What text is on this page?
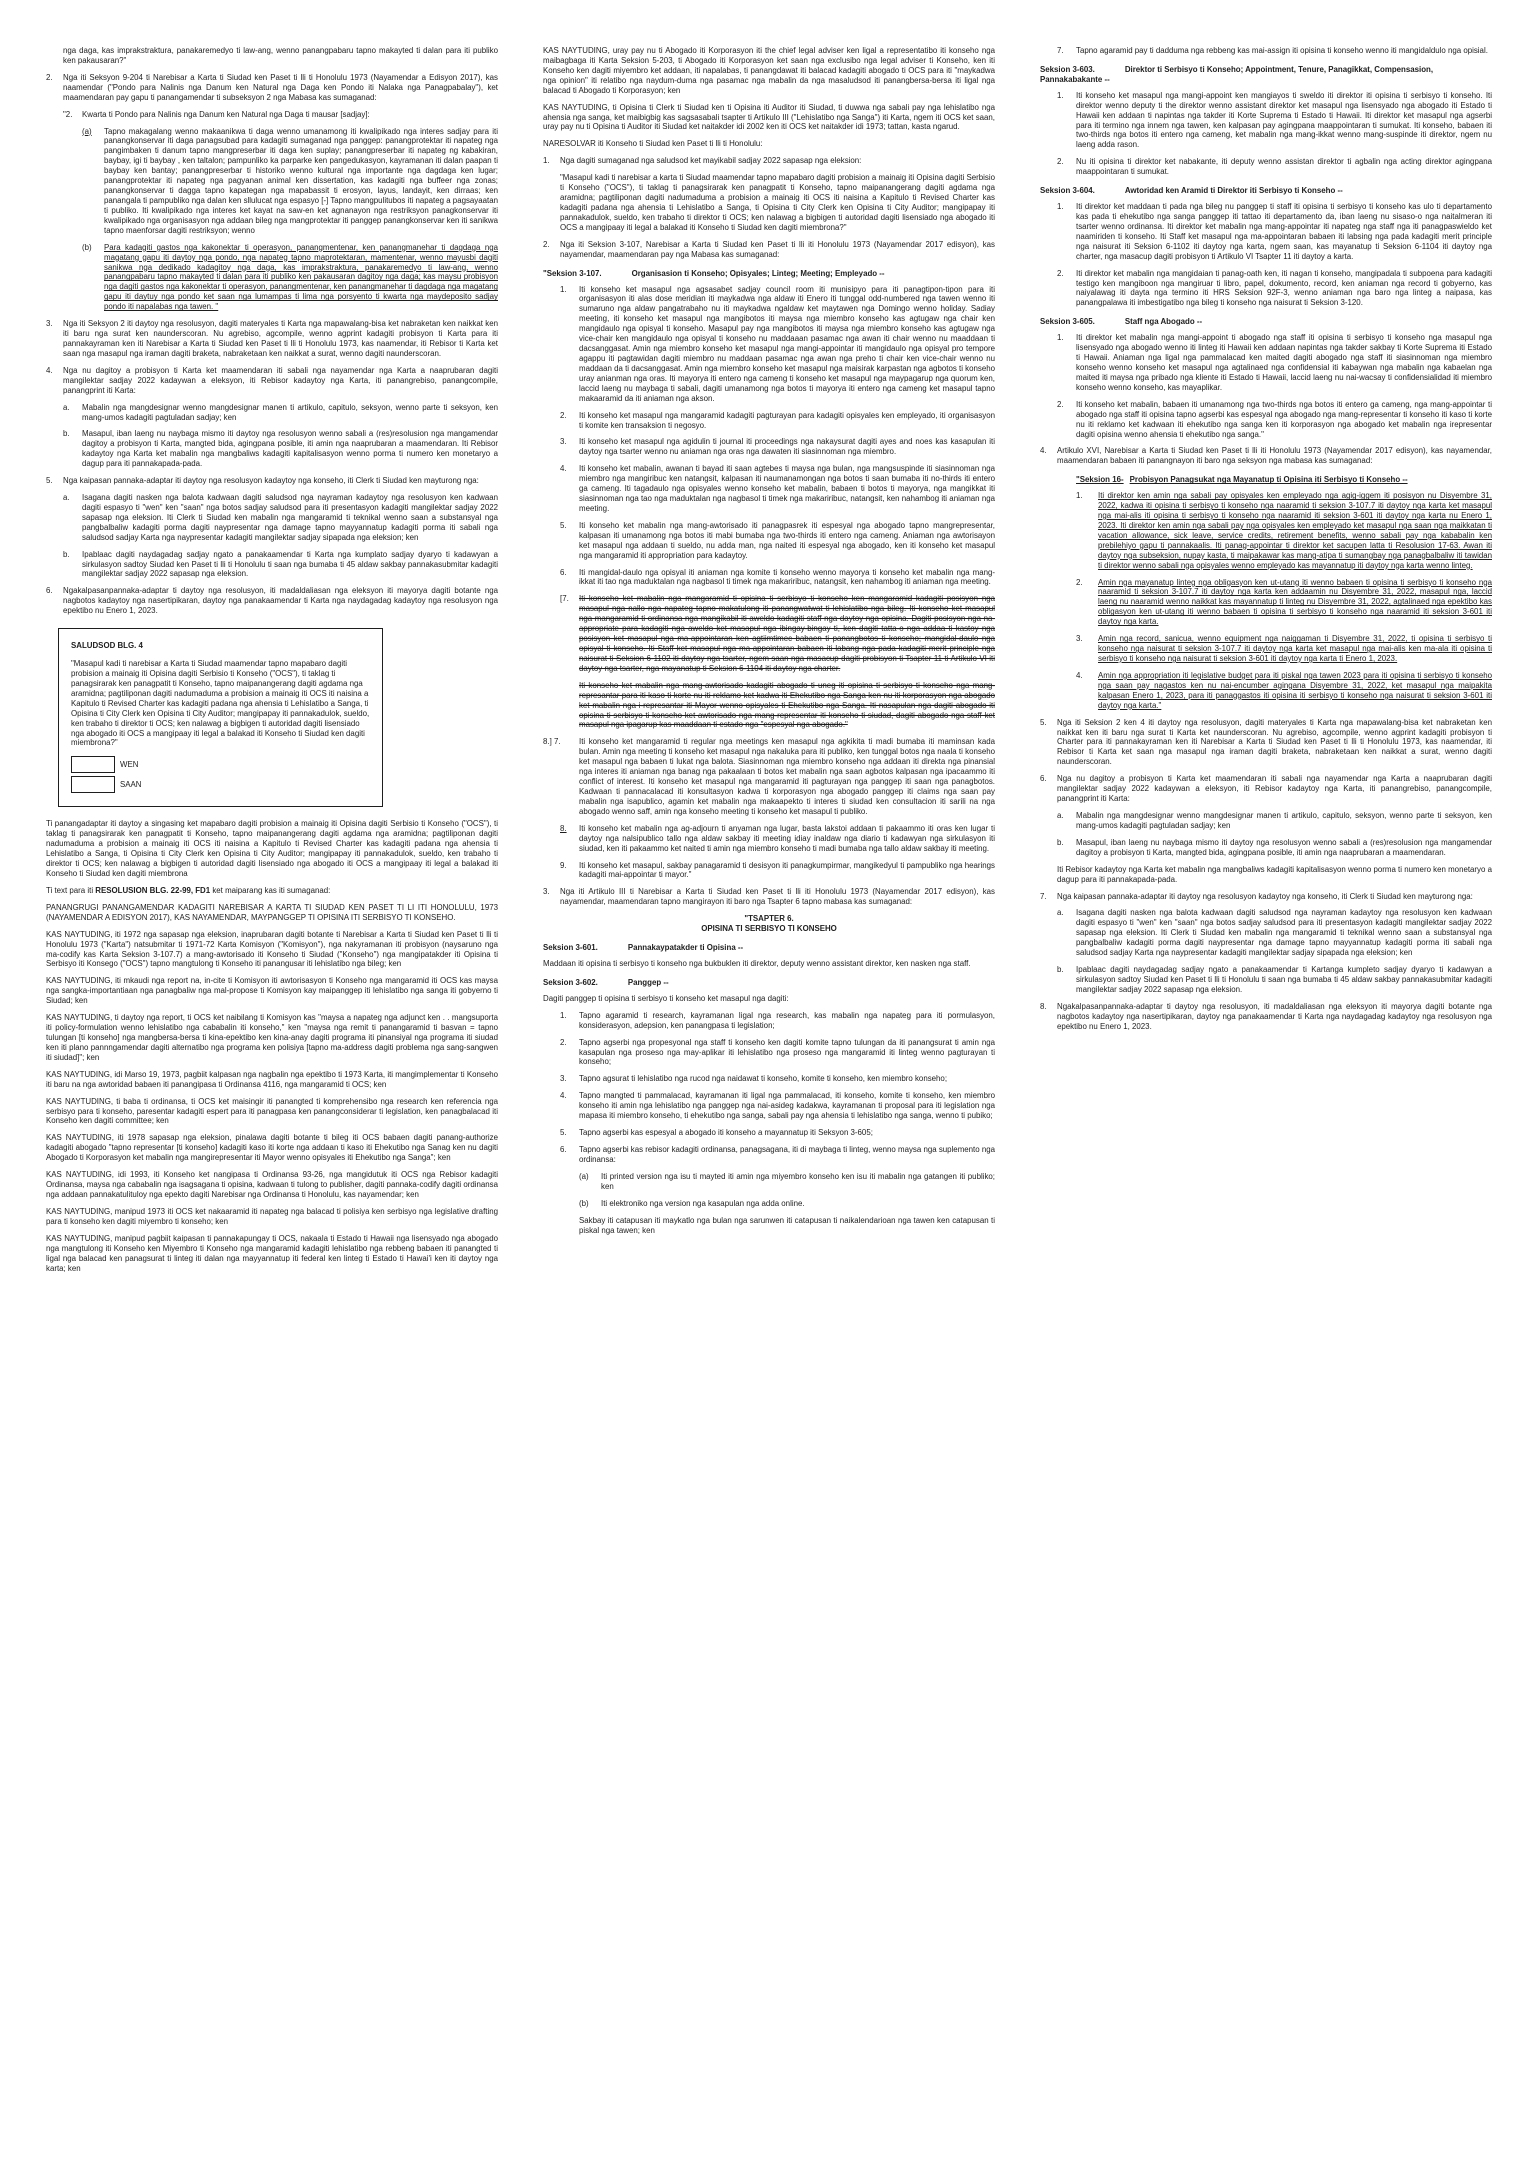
nga daga, kas imprakstraktura, panakaremedyo ti law-ang, wenno panangpabaru tapno makayted ti dalan para iti publiko ken pakausaran?"

2. Nga iti Seksyon 9-204 ti Narebisar a Karta ti Siudad ken Paset ti lli ti Honolulu 1973 (Nayamendar a Edisyon 2017), kas naamendar ("Pondo para Nalinis nga Danum ken Natural nga Daga ken Pondo iti Nalaka nga Panagpabalay"), ket maamendaran pay gapu ti panangamendar ti subseksyon 2 nga Mabasa kas sumaganad:

"2. Kwarta ti Pondo para Nalinis nga Danum ken Natural nga Daga ti mausar [sadjay]:

(a) Tapno makagalang wenno makaanikwa ti daga wenno umanamong iti kwalipikado nga interes sadjay para iti panangkonservar iti daga panagsubad para kadagiti sumaganad nga panggep: panangprotektar iti napateg nga pangimbaken ti danum tapno mangpreserbar iti daga ken suplay; panangpreserbar iti napateg ng kabakiran, baybay, igi ti baybay , ken taltalon; pampunliko ka parparke ken pangedukasyon, kayramanan iti dalan paapan ti baybay ken bantay; panangpreserbar ti historiko wenno kultural nga importante nga dagdaga ken lugar; panangprotektar iti napateg nga pagyanan animal ken dissertation, kas kadagiti nga buffeer nga zonas; panangkonservar ti dagga tapno kapategan nga mapabassit ti erosyon, layus, landayit, ken dirraas; ken panangala ti pampubliko nga dalan ken sllulucat nga espasyo [-] Tapno mangpulitubos iti napateg a pagsayaatan ti publiko. Iti kwalipikado nga interes ket kayat na saw-en ket agnanayon nga restriksyon panagkonservar iti kwalipikado nga organisasyon nga addaan bileg nga mangprotektar iti panggep panangkonservar ken iti sanikwa tapno maenforsar dagiti restriksyon; wenno

(b) Para kadagiti gastos nga kakonektar ti operasyon, panangmentenar, ken panangmanehar ti dagdaga nga magatang gapu iti daytoy nga pondo, nga napateg tapno maprotektaran, mamentenar, wenno mayusbi dagiti sanikwa nga dedikado kadagitoy nga daga, kas imprakstraktura, panakaremedyo ti law-ang, wenno panangpabaru tapno makayted ti dalan para iti publiko ken pakausaran dagitoy nga daga; kas maysu probisyon nga dagiti gastos nga kakonektar ti operasyon, panangmentenar, ken panangmanehar ti dagdaga nga magatang gapu iti daytuy nga pondo ket saan nga lumampas ti lima nga porsyento ti kwarta nga maydeposito sadjay pondo iti napalabas nga tawen. "

3. Nga iti Seksyon 2 iti daytoy nga resolusyon, dagiti materyales ti Karta nga mapawalang-bisa ket nabraketan ken naikkat ken iti baru nga surat ken naunderscoran. Nu agrebiso, agcompile, wenno agprint kadagiti probisyon ti Karta para iti pannakayraman ken iti Narebisar a Karta ti Siudad ken Paset ti lli ti Honolulu 1973, kas naamendar, iti Rebisor ti Karta ket saan nga masapul nga iraman dagiti braketa, nabraketaan ken naikkat a surat, wenno dagiti naunderscoran.

4. Nga nu dagitoy a probisyon ti Karta ket maamendaran iti sabali nga nayamendar nga Karta a naaprubaran dagiti mangilektar sadjay 2022 kadaywan a eleksyon, iti Rebisor kadaytoy nga Karta, iti panangrebiso, panangcompile, panangprint iti Karta:

a. Mabalin nga mangdesignar wenno mangdesignar manen ti artikulo, capitulo, seksyon, wenno parte ti seksyon, ken mang-umos kadagiti pagtuladan sadjay; ken

b. Masapul, iban laeng nu naybaga mismo iti daytoy nga resolusyon wenno sabali a (res)resolusion nga mangamendar dagitoy a probisyon ti Karta, mangted bida, agingpana posible, iti amin nga naaprubaran a maamendaran. Iti Rebisor kadaytoy nga Karta ket mabalin nga mangbaliws kadagiti kapitalisasyon wenno porma ti numero ken monetaryo a dagup para iti pannakapada-pada.

5. Nga kaipasan pannaka-adaptar iti daytoy nga resolusyon kadaytoy nga konseho, iti Clerk ti Siudad ken mayturong nga:

a. Isagana dagiti nasken nga balota kadwaan dagiti saludsod nga nayraman kadaytoy nga resolusyon ken kadwaan dagiti espasyo ti "wen" ken "saan" nga botos sadjay saludsod para iti presentasyon kadagiti mangilektar sadjay 2022 sapasap nga eleksion. Iti Clerk ti Siudad ken mabalin nga mangaramid ti teknikal wenno saan a substansyal nga pangbalbaliw kadagiti porma dagiti naypresentar nga damage tapno mayyannatup kadagiti porma iti sabali nga saludsod sadjay Karta nga naypresentar kadagiti mangilektar sadjay sipapada nga eleksion; ken

b. Ipablaac dagiti naydagadag sadjay ngato a panakaamendar ti Karta nga kumplato sadjay dyaryo ti kadawyan a sirkulasyon sadtoy Siudad ken Paset ti lli ti Honolulu ti saan nga bumaba ti 45 aldaw sakbay pannakasubmitar kadagiti mangilektar sadjay 2022 sapasap nga eleksion.

6. Ngakalpasanpannaka-adaptar ti daytoy nga resolusyon, iti madaldaliasan nga eleksyon iti mayorya dagiti botante nga nagbotos kadaytoy nga nasertipikaran, daytoy nga panakaamendar ti Karta nga naydagadag kadaytoy nga resolusyon nga epektibo nu Enero 1, 2023.

SALUDSOD BLG. 4

"Masapul kadi ti narebisar a Karta ti Siudad maamendar tapno mapabaro dagiti probision a mainaig iti Opisina dagiti Serbisio ti Konseho ("OCS"), ti taklag ti panagsirarak ken panagpatit ti Konseho, tapno maipanangerang dagiti agdama nga aramidna; pagtiliponan dagiti nadumaduma a probision a mainaig iti OCS iti naisina a Kapitulo ti Revised Charter kas kadagiti padana nga ahensia ti Lehislatibo a Sanga, ti Opisina ti City Clerk ken Opisina ti City Auditor; mangipapay iti pannakadulok, sueldo, ken trabaho ti direktor ti OCS; ken nalawag a bigbigen ti autoridad dagiti lisensiado nga abogado iti OCS a mangipaay iti legal a balakad iti Konseho ti Siudad ken dagiti miembrona?"

WEN
SAAN

Ti panangadaptar iti daytoy a singasing ket mapabaro dagiti probision a mainaig iti Opisina dagiti Serbisio ti Konseho ("OCS"), ti taklag ti panagsirarak ken panagpatit ti Konseho, tapno maipanangerang dagiti agdama nga aramidna; pagtiliponan dagiti nadumaduma a probision a mainaig iti OCS iti naisina a Kapitulo ti Revised Charter kas kadagiti padana nga ahensia ti Lehislatibo a Sanga, ti Opisina ti City Clerk ken Opisina ti City Auditor; mangipapay iti pannakadulok, sueldo, ken trabaho ti direktor ti OCS; ken nalawag a bigbigen ti autoridad dagiti lisensiado nga abogado iti OCS a mangipaay iti legal a balakad iti Konseho ti Siudad ken dagiti miembrona

Ti text para iti RESOLUSION BLG. 22-99, FD1 ket maiparang kas iti sumaganad:

PANANGRUGI PANANGAMENDAR KADAGITI NAREBISAR A KARTA TI SIUDAD KEN PASET TI LI ITI HONOLULU, 1973 (NAYAMENDAR A EDISYON 2017), KAS NAYAMENDAR, MAYPANGGEP TI OPISINA ITI SERBISYO TI KONSEHO.

KAS NAYTUDING, iti 1972 nga sapasap nga eleksion, inaprubaran dagiti botante ti Narebisar a Karta ti Siudad ken Paset ti lli ti Honolulu 1973 ("Karta") natsubmitar ti 1971-72 Karta Komisyon ("Komisyon"), nga nakyramanan iti probisyon (naysaruno nga ma-codify kas Karta Seksion 3-107.7) a mang-awtorisado iti Konseho ti Siudad ("Konseho") nga mangipatakder iti Opisina ti Serbisyo iti Konsego ("OCS") tapno mangtulong ti Konseho iti panangusar iti lehislatibo nga bileg; ken

KAS NAYTUDING, iti mkaudi nga report na, in-cite ti Komisyon iti awtorisasyon ti Konseho nga mangaramid iti OCS kas maysa nga sangka-importantiaan nga panagbaliw nga mal-propose ti Komisyon kay maipanggep iti lehislatibo nga sanga iti gobyerno ti Siudad; ken

KAS NAYTUDING, ti daytoy nga report, ti OCS ket naibilang ti Komisyon kas "maysa a napateg nga adjunct ken . . mangsuporta iti policy-formulation wenno lehislatibo nga cababalin iti konseho," ken "maysa nga remit ti panangaramid ti basvan = tapno tulungan [ti konseho] nga mangbersa-bersa ti kina-epektibo ken kina-anay dagiti programa iti pinansiyal nga programa iti siudad ken iti plano pannngamendar dagiti alternatibo nga programa ken polisiya [tapno ma-address dagiti problema nga sang-sangwen iti siudad]"; ken

KAS NAYTUDING, idi Marso 19, 1973, pagbiit kalpasan nga nagbalin nga epektibo ti 1973 Karta, iti mangimplementar ti Konseho iti baru na nga awtoridad babaen iti panangipasa ti Ordinansa 4116, nga mangaramid ti OCS; ken

KAS NAYTUDING, ti baba ti ordinansa, ti OCS ket maisingir iti panangted ti komprehensibo nga research ken referencia nga serbisyo para ti konseho, paresentar kadagiti espert para iti panagpasa ken panangconsiderar ti legislation, ken panagbalacad iti Konseho ken dagiti committee; ken

KAS NAYTUDING, iti 1978 sapasap nga eleksion, pinalawa dagiti botante ti bileg iti OCS babaen dagiti panang-authorize kadagiti abogado "tapno representar [ti konseho] kadagiti kaso iti korte nga addaan ti kaso iti Ehekutibo nga Sanag ken nu dagiti Abogado ti Korporasyon ket mabalin nga mangirepresentar iti Mayor wenno opisyales iti Ehekutibo nga Sanga"; ken

KAS NAYTUDING, idi 1993, iti Konseho ket nangipasa ti Ordinansa 93-26, nga mangidutuk iti OCS nga Rebisor kadagiti Ordinansa, maysa nga cababalin nga isagsagana ti opisina, kadwaan ti tulong to publisher, dagiti pannaka-codify dagiti ordinansa nga addaan pannakatulituloy nga epekto dagiti Narebisar nga Ordinansa ti Honolulu, kas nayamendar; ken

KAS NAYTUDING, manipud 1973 iti OCS ket nakaaramid iti napateg nga balacad ti polisiya ken serbisyo nga legislative drafting para ti konseho ken dagiti miyembro ti konseho; ken

KAS NAYTUDING, manipud pagbiit kaipasan ti pannakapungay ti OCS, nakaala ti Estado ti Hawaii nga lisensyado nga abogado nga mangtulong iti Konseho ken Miyembro ti Konseho nga mangaramid kadagiti lehislatibo nga rebbeng babaen iti panangted ti ligal nga balacad ken panagsurat ti linteg iti dalan nga mayyannatup iti federal ken linteg ti Estado ti Hawai'i ken iti daytoy nga karta; ken

KAS NAYTUDING, uray pay nu ti Abogado iti Korporasyon iti the chief legal adviser ken ligal a representatibo iti konseho nga maibagbaga iti Karta Seksion 5-203, ti Abogado iti Korporasyon ket saan nga exclusibo nga legal adviser ti Konseho, ken iti Konseho ken dagiti miyembro ket addaan, iti napalabas, ti panangdawat iti balacad kadagiti abogado ti OCS para iti "maykadwa nga opinion" iti relatibo nga naydum-duma nga pasamac nga mabalin da nga masaludsod iti panangbersa-bersa iti ligal nga balacad ti Abogado ti Korporasyon; ken

KAS NAYTUDING, ti Opisina ti Clerk ti Siudad ken ti Opisina iti Auditor iti Siudad, ti duwwa nga sabali pay nga lehislatibo nga ahensia nga sanga, ket maibigbig kas sagsasabali tsapter ti Artikulo III ("Lehislatibo nga Sanga") iti Karta, ngem iti OCS ket saan, uray pay nu ti Opisina ti Auditor iti Siudad ket naitakder idi 2002 ken iti OCS ket naitakder idi 1973; tattan, kasta ngarud.

NARESOLVAR iti Konseho ti Siudad ken Paset ti lli ti Honolulu:

1. Nga dagiti sumaganad nga saludsod ket mayikabil sadjay 2022 sapasap nga eleksion:

"Masapul kadi ti narebisar a karta ti Siudad maamendar tapno mapabaro dagiti probision a mainaig iti Opisina dagiti Serbisio ti Konseho ("OCS"), ti taklag ti panagsirarak ken panagpatit ti Konseho, tapno maipanangerang dagiti agdama nga aramidna; pagtiliponan dagiti nadumaduma a probision a mainaig iti OCS iti naisina a Kapitulo ti Revised Charter kas kadagiti padana nga ahensia ti Lehislatibo a Sanga, ti Opisina ti City Clerk ken Opisina ti City Auditor; mangipapay iti pannakadulok, sueldo, ken trabaho ti direktor ti OCS; ken nalawag a bigbigen ti autoridad dagiti lisensiado nga abogado iti OCS a mangipaay iti legal a balakad iti Konseho ti Siudad ken dagiti miembrona?"

2. Nga iti Seksion 3-107, Narebisar a Karta ti Siudad ken Paset ti lli iti Honolulu 1973 (Nayamendar 2017 edisyon), kas nayamendar, maamendaran pay nga Mabasa kas sumaganad:

"Seksion 3-107.	Organisasion ti Konseho; Opisyales; Linteg; Meeting; Empleyado --

1. Iti konseho ket masapul nga agsasabet sadjay council room iti munisipyo para iti panagtipon-tipon para iti organisasyon iti alas dose meridian iti maykadwa nga aldaw iti Enero iti tunggal odd-numbered nga tawen wenno iti sumaruno nga aldaw pangatrabaho nu iti maykadwa ngaldaw ket maytawen nga Domingo wenno holiday. Sadiay meeting, iti konseho ket masapul nga mangibotos iti maysa nga miembro konseho kas agtugaw nga chair ken mangidaulo nga opisyal ti konseho. Masapul pay nga mangibotos iti maysa nga miembro konseho kas agtugaw nga vice-chair ken mangidaulo nga opisyal ti konseho nu maddaaan pasamac nga awan iti chair wenno nu maaddaan ti dacsanggasat. Amin nga miembro konseho ket masapul nga mangi-appointar iti mangidaulo nga opisyal pro tempore agappu iti pagtawidan dagiti miembro nu maddaan pasamac nga awan nga preho ti chair ken vice-chair wenno nu maddaan da ti dacsanggasat. Amin nga miembro konseho ket masapul nga maisirak karpastan nga agbotos ti konseho uray anianman nga oras. Iti mayorya iti entero nga cameng ti konseho ket masapul nga maypagarup nga quorum ken, laccid laeng nu maybaga ti sabali, dagiti umanamong nga botos ti mayorya iti entero nga cameng ket masapul tapno makaaramid da iti aniaman nga akson.

2. Iti konseho ket masapul nga mangaramid kadagiti pagturayan para kadagiti opisyales ken empleyado, iti organisasyon ti komite ken transaksion ti negosyo.

3. Iti konseho ket masapul nga agidulin ti journal iti proceedings nga nakaysurat dagiti ayes and noes kas kasapulan iti daytoy nga tsarter wenno nu aniaman nga oras nga dawaten iti siasinnoman nga miembro.

4. Iti konseho ket mabalin, awanan ti bayad iti saan agtebes ti maysa nga bulan, nga mangsuspinde iti siasinnoman nga miembro nga mangiribuc ken natangsit, kalpasan iti naumanamongan nga botos ti saan bumaba iti no-thirds iti entero ga cameng. Iti tagadaulo nga opisyales wenno konseho ket mabalin, babaen ti botos ti mayorya, nga mangikkat iti siasinnoman nga tao nga maduktalan nga nagbasol ti timek nga makariribuc, natangsit, ken nahambog iti aniaman nga meeting.

5. Iti konseho ket mabalin nga mang-awtorisado iti panagpasrek iti espesyal nga abogado tapno mangrepresentar, kalpasan iti umanamong nga botos iti mabi bumaba nga two-thirds iti entero nga cameng. Aniaman nga awtorisayon ket masapul nga addaan ti sueldo, nu adda man, nga naited iti espesyal nga abogado, ken iti konseho ket masapul nga mangaramid iti appropriation para kadaytoy.

6. Iti mangidal-daulo nga opisyal iti aniaman nga komite ti konseho wenno mayorya ti konseho ket mabalin nga mang-ikkat iti tao nga maduktalan nga nagbasol ti timek nga makariribuc, natangsit, ken nahambog iti aniaman nga meeting.

[7. Iti konseho ket mabalin nga mangaramid ti opisina ti serbisyo ti konseho ken mangaramid kadagiti posisyon nga masapul nga nallo nga napateg tapno makatulong iti panangwatwat ti lehislatibo nga bileg. Iti konseho ket masapul nga mangaramid ti ordinansa nga mangikabil iti aweldo kadagiti staff nga daytoy nga opisina. Dagiti posisyon nga na-appropriate para kadagiti nga aweldo ket masapul nga ibingay-bingay ti, ken dagiti tatta-o nga addaa ti kastoy nga posisyon ket masapul nga ma-appointaran ken agtiimtimec babaen ti panangbotos ti konseho; mangidal-daulo nga opisyal ti konseho. Iti Staff ket masapul nga ma-appointaran babaen iti labang nga pada kadagiti merit principle nga naisurat ti Seksion 6-1102 iti daytoy nga tsarter, ngem saan nga masacup dagiti probisyon ti Tsapter 11 ti Artikulo VI iti daytoy nga tsarter, nga mayanatup ti Seksion 6-1104 iti daytoy nga charter.

Iti konseho ket mabalin nga mang-awtorisado kadagiti abogado ti uneg iti opisina ti serbisyo ti konseho nga mang-represantar para iti kaso ti korte nu iti reklamo ket kadwa iti Ehekutibo nga Sanga ken nu iti korporasyon nga abogado ket mabalin nga i-represantar iti Mayor wenno opisyales ti Ehekutibo nga Sanga. Iti nasapulan nga dagiti abogado iti opisina ti serbisyo ti konseho ket awtorisado nga mang-representar iti konseho ti siudad, dagiti abogado nga staff ket masapul nga ipagarup kas maaddaan ti estado nga "espesyal nga abogado."

8.] 7. Iti konseho ket mangaramid ti regular nga meetings ken masapul nga agkikita ti madi bumaba iti maminsan kada bulan. Amin nga meeting ti konseho ket masapul nga nakaluka para iti publiko, ken tunggal botos nga naala ti konseho ket masapul nga babaen ti lukat nga balota. Siasinnoman nga miembro konseho nga addaan iti direkta nga pinansial nga interes iti aniaman nga banag nga pakaalaan ti botos ket mabalin nga saan agbotos kalpasan nga ipacaammo iti conflict of interest. Iti konseho ket masapul nga mangaramid iti pagturayan nga panggep iti saan nga panagbotos. Kadwaan ti pannacalacad iti konsultasyon kadwa ti korporasyon nga abogado panggep iti claims nga saan pay mabalin nga isapublico, agamin ket mabalin nga makaapekto ti interes ti siudad ken consultacion iti sarili na nga abogado wenno saff, amin nga konseho meeting ti konseho ket masapul ti publiko.

8. Iti konseho ket mabalin nga ag-adjourn ti anyaman nga lugar, basta lakstoi addaan ti pakaammo iti oras ken lugar ti daytoy nga nalsipublico tallo nga aldaw sakbay iti meeting idiay inaldaw nga diario ti kadawyan nga sirkulasyon iti siudad, ken iti pakaammo ket naited ti amin nga miembro konseho ti madi bumaba nga tallo aldaw sakbay iti meeting.

9. Iti konseho ket masapul, sakbay panagaramid ti desisyon iti panagkumpirmar, mangikedyul ti pampubliko nga hearings kadagiti mai-appointar ti mayor."

3. Nga iti Artikulo III ti Narebisar a Karta ti Siudad ken Paset ti lli iti Honolulu 1973 (Nayamendar 2017 edisyon), kas nayamendar, maamendaran tapno mangirayon iti baro nga Tsapter 6 tapno mabasa kas sumaganad:

"TSAPTER 6.

OPISINA TI SERBISYO TI KONSEHO

Seksion 3-601.	Pannakaypatakder ti Opisina --

Maddaan iti opisina ti serbisyo ti konseho nga bukbuklen iti direktor, deputy wenno assistant direktor, ken nasken nga staff.

Seksion 3-602.	Panggep --

Dagiti panggep ti opisina ti serbisyo ti konseho ket masapul nga dagiti:

1. Tapno agaramid ti research, kayramanan ligal nga research, kas mabalin nga napateg para iti pormulasyon, konsiderasyon, adepsion, ken panangpasa ti legislation;

2. Tapno agserbi nga propesyonal nga staff ti konseho ken dagiti komite tapno tulungan da iti panangsurat ti amin nga kasapulan nga proseso nga may-aplikar iti lehislatibo nga proseso nga mangaramid iti linteg wenno pagturayan ti konseho;

3. Tapno agsurat ti lehislatibo nga rucod nga naidawat ti konseho, komite ti konseho, ken miembro konseho;

4. Tapno mangted ti pammalacad, kayramanan iti ligal nga pammalacad, iti konseho, komite ti konseho, ken miembro konseho iti amin nga lehislatibo nga panggep nga nai-asideg kadakwa, kayramanan ti proposal para iti legislation nga mapasa iti miembro konseho, ti ehekutibo nga sanga, sabali pay nga ahensia ti lehislatibo nga sanga, wenno ti pubiko;

5. Tapno agserbi kas espesyal a abogado iti konseho a mayannatup iti Seksyon 3-605;

6. Tapno agserbi kas rebisor kadagiti ordinansa, panagsagana, iti di maybaga ti linteg, wenno maysa nga suplemento nga ordinansa:

(a) Iti printed version nga isu ti mayted iti amin nga miyembro konseho ken isu iti mabalin nga gatangen iti publiko; ken

(b) Iti elektroniko nga version nga kasapulan nga adda online.

Sakbay iti catapusan iti maykatlo nga bulan nga sarunwen iti catapusan ti naikalendarioan nga tawen ken catapusan ti piskal nga tawen; ken

7. Tapno agaramid pay ti dadduma nga rebbeng kas mai-assign iti opisina ti konseho wenno iti mangidaldulo nga opisial.

Seksion 3-603.	Direktor ti Serbisyo ti Konseho; Appointment, Tenure, Panagikkat, Compensasion, Pannakabakante --

1. Iti konseho ket masapul nga mangi-appoint ken mangiayos ti sweldo iti direktor iti opisina ti serbisyo ti konseho. Iti direktor wenno deputy ti the direktor wenno assistant direktor ket masapul nga lisensyado nga abogado iti Estado ti Hawaii ken addaan ti napintas nga takder iti Korte Suprema ti Estado ti Hawaii. Iti direktor ket masapul nga agserbi para iti termino nga innem nga tawen, ken kalpasan pay agingpana maappointaran ti sumukat. Iti konseho, babaen iti two-thirds nga botos iti entero nga cameng, ket mabalin nga mang-ikkat wenno mang-suspinde iti direktor, ngem nu laeng adda rason.

2. Nu iti opisina ti direktor ket nabakante, iti deputy wenno assistan direktor ti agbalin nga acting direktor agingpana maappointaran ti sumukat.

Seksion 3-604.	Awtoridad ken Aramid ti Direktor iti Serbisyo ti Konseho --

1. Iti direktor ket maddaan ti pada nga bileg nu panggep ti staff iti opisina ti serbisyo ti konseho kas ulo ti departamento kas pada ti ehekutibo nga sanga panggep iti tattao iti departamento da, iban laeng nu sisaso-o nga naitalmeran iti tsarter wenno ordinansa. Iti direktor ket mabalin nga mang-appointar iti napateg nga staff nga iti panagpaswieldo ket naamiriden ti konseho. Iti Staff ket masapul nga ma-appointaran babaen iti labsing nga pada kadagiti merit principle nga naisurat iti Seksion 6-1102 iti daytoy nga karta, ngem saan, kas mayanatup ti Seksion 6-1104 iti daytoy nga charter, nga masacup dagiti probisyon ti Artikulo VI Tsapter 11 iti daytoy a karta.

2. Iti direktor ket mabalin nga mangidaian ti panag-oath ken, iti nagan ti konseho, mangipadala ti subpoena para kadagiti testigo ken mangiboon nga mangiruar ti libro, papel, dokumento, record, ken aniaman nga record ti gobyerno, kas naiyalawag iti dayta nga termino iti HRS Seksion 92F-3, wenno aniaman nga baro nga linteg a naipasa, kas panangpalawa iti imbestigatibo nga bileg ti konseho nga naisurat ti Seksion 3-120.

Seksion 3-605.	Staff nga Abogado --

1. Iti direktor ket mabalin nga mangi-appoint ti abogado nga staff iti opisina ti serbisyo ti konseho nga masapul nga lisensyado nga abogado wenno iti linteg iti Hawaii ken addaan napintas nga takder sakbay ti Korte Suprema iti Estado ti Hawaii. Aniaman nga ligal nga pammalacad ken maited dagiti abogado nga staff iti siasinnoman nga miembro konseho wenno konseho ket masapul nga agtalinaed nga confidensial iti kabaywan nga mabalin nga kabaelan nga maited iti maysa nga pribado nga kliente iti Estado ti Hawaii, laccid laeng nu nai-wacsay ti confidensialidad iti miembro konseho wenno konseho, kas mayaplikar.

2. Iti konseho ket mabalin, babaen iti umanamong nga two-thirds nga botos iti entero ga cameng, nga mang-appointar ti abogado nga staff iti opisina tapno agserbi kas espesyal nga abogado nga mang-representar ti konseho iti kaso ti korte nu iti reklamo ket kadwaan iti ehekutibo nga sanga ken iti korporasyon nga abogado ket mabalin nga irepresentar dagiti opisina wenno ahensia ti ehekutibo nga sanga."

4. Artikulo XVI, Narebisar a Karta ti Siudad ken Paset ti lli iti Honolulu 1973 (Nayamendar 2017 edisyon), kas nayamendar, maamendaran babaen iti panangnayon iti baro nga seksyon nga mabasa kas sumaganad:

"Seksion 16- Probisyon Panagsukat nga Mayanatup ti Opisina iti Serbisyo ti Konseho --

1. Iti direktor ken amin nga sabali pay opisyales ken empleyado nga agig-iggem iti posisyon nu Disyembre 31, 2022, kadwa iti opisina ti serbisyo ti konseho nga naaramid ti seksion 3-107.7 iti daytoy nga karta ket masapul nga mai-alis iti opisina ti serbisyo ti konseho nga naaramid iti seksion 3-601 iti daytoy nga karta nu Enero 1, 2023. Iti direktor ken amin nga sabali pay nga opisyales ken empleyado ket masapul nga saan nga maikkatan ti vacation allowance, sick leave, service credits, retirement benefits, wenno sabali pay nga kababalin ken prebilehiyo gapu ti pannakaalis. Iti panag-appointar ti direktor ket sacupen latta ti Resolusion 17-63. Awan iti daytoy nga subseksion, nupay kasta, ti maipakawar kas mang-atipa ti sumangbay nga panagbalbaliw iti tawidan ti direktor wenno sabali nga opisyales wenno empleyado kas mayannatup iti daytoy nga karta wenno linteg.

2. Amin nga mayanatup linteg nga obligasyon ken ut-utang iti wenno babaen ti opisina ti serbisyo ti konseho nga naaramid ti seksion 3-107.7 iti daytoy nga karta ken addaamin nu Disyembre 31, 2022, masapul nga, laccid laeng nu naaramid wenno naikkat kas mayannatup ti linteg nu Disyembre 31, 2022, agtalinaed nga epektibo kas obligasyon ken ut-utang iti wenno babaen ti opisina ti serbisyo ti konseho nga naaramid iti seksion 3-601 iti daytoy nga karta.

3. Amin nga record, sanicua, wenno equipment nga naiggaman ti Disyembre 31, 2022, ti opisina ti serbisyo ti konseho nga naisurat ti seksion 3-107.7 iti daytoy nga karta ket masapul nga mai-alis ken ma-ala iti opisina ti serbisyo ti konseho nga naisurat ti seksion 3-601 iti daytoy nga karta ti Enero 1, 2023.

4. Amin nga appropriation iti legislative budget para iti piskal nga tawen 2023 para iti opisina ti serbisyo ti konseho nga saan pay nagastos ken nu nai-encumber agingana Disyembre 31, 2022, ket masapul nga maipakita kalpasan Enero 1, 2023, para iti panaggastos iti opisina iti serbisyo ti konseho nga naisurat ti seksion 3-601 iti daytoy nga karta."

5. Nga iti Seksion 2 ken 4 iti daytoy nga resolusyon, dagiti materyales ti Karta nga mapawalang-bisa ket nabraketan ken naikkat ken iti baru nga surat ti Karta ket naunderscoran. Nu agrebiso, agcompile, wenno agprint kadagiti probisyon ti Charter para iti pannakayraman ken iti Narebisar a Karta ti Siudad ken Paset ti lli ti Honolulu 1973, kas naamendar, iti Rebisor ti Karta ket saan nga masapul nga iraman dagiti braketa, nabraketaan ken naikkat a surat, wenno dagiti naunderscoran.

6. Nga nu dagitoy a probisyon ti Karta ket maamendaran iti sabali nga nayamendar nga Karta a naaprubaran dagiti mangilektar sadjay 2022 kadaywan a eleksyon, iti Rebisor kadaytoy nga Karta, iti panangrebiso, panangcompile, panangprint iti Karta:

a. Mabalin nga mangdesignar wenno mangdesignar manen ti artikulo, capitulo, seksyon, wenno parte ti seksyon, ken mang-umos kadagiti pagtuladan sadjay; ken

b. Masapul, iban laeng nu naybaga mismo iti daytoy nga resolusyon wenno sabali a (res)resolusion nga mangamendar dagitoy a probisyon ti Karta, mangted bida, agingpana posible, iti amin nga naaprubaran a maamendaran.

Iti Rebisor kadaytoy nga Karta ket mabalin nga mangbaliws kadagiti kapitalisasyon wenno porma ti numero ken monetaryo a dagup para iti pannakapada-pada.

7. Nga kaipasan pannaka-adaptar iti daytoy nga resolusyon kadaytoy nga konseho, iti Clerk ti Siudad ken mayturong nga:

a. Isagana dagiti nasken nga balota kadwaan dagiti saludsod nga nayraman kadaytoy nga resolusyon ken kadwaan dagiti espasyo ti "wen" ken "saan" nga botos sadjay saludsod para iti presentasyon kadagiti mangilektar sadjay 2022 sapasap nga eleksion. Iti Clerk ti Siudad ken mabalin nga mangaramid ti teknikal wenno saan a substansyal nga pangbalbaliw kadagiti porma dagiti naypresentar nga damage tapno mayyannatup kadagiti porma iti sabali nga saludsod sadjay Karta nga naypresentar kadagiti mangilektar sadjay sipapada nga eleksion; ken

b. Ipablaac dagiti naydagadag sadjay ngato a panakaamendar ti Kartanga kumpleto sadjay dyaryo ti kadawyan a sirkulasyon sadtoy Siudad ken Paset ti lli ti Honolulu ti saan nga bumaba ti 45 aldaw sakbay pannakasubmitar kadagiti mangilektar sadjay 2022 sapasap nga eleksion.

8. Ngakalpasanpannaka-adaptar ti daytoy nga resolusyon, iti madaldaliasan nga eleksyon iti mayorya dagiti botante nga nagbotos kadaytoy nga nasertipikaran, daytoy nga panakaamendar ti Karta nga naydagadag kadaytoy nga resolusyon nga epektibo nu Enero 1, 2023.
